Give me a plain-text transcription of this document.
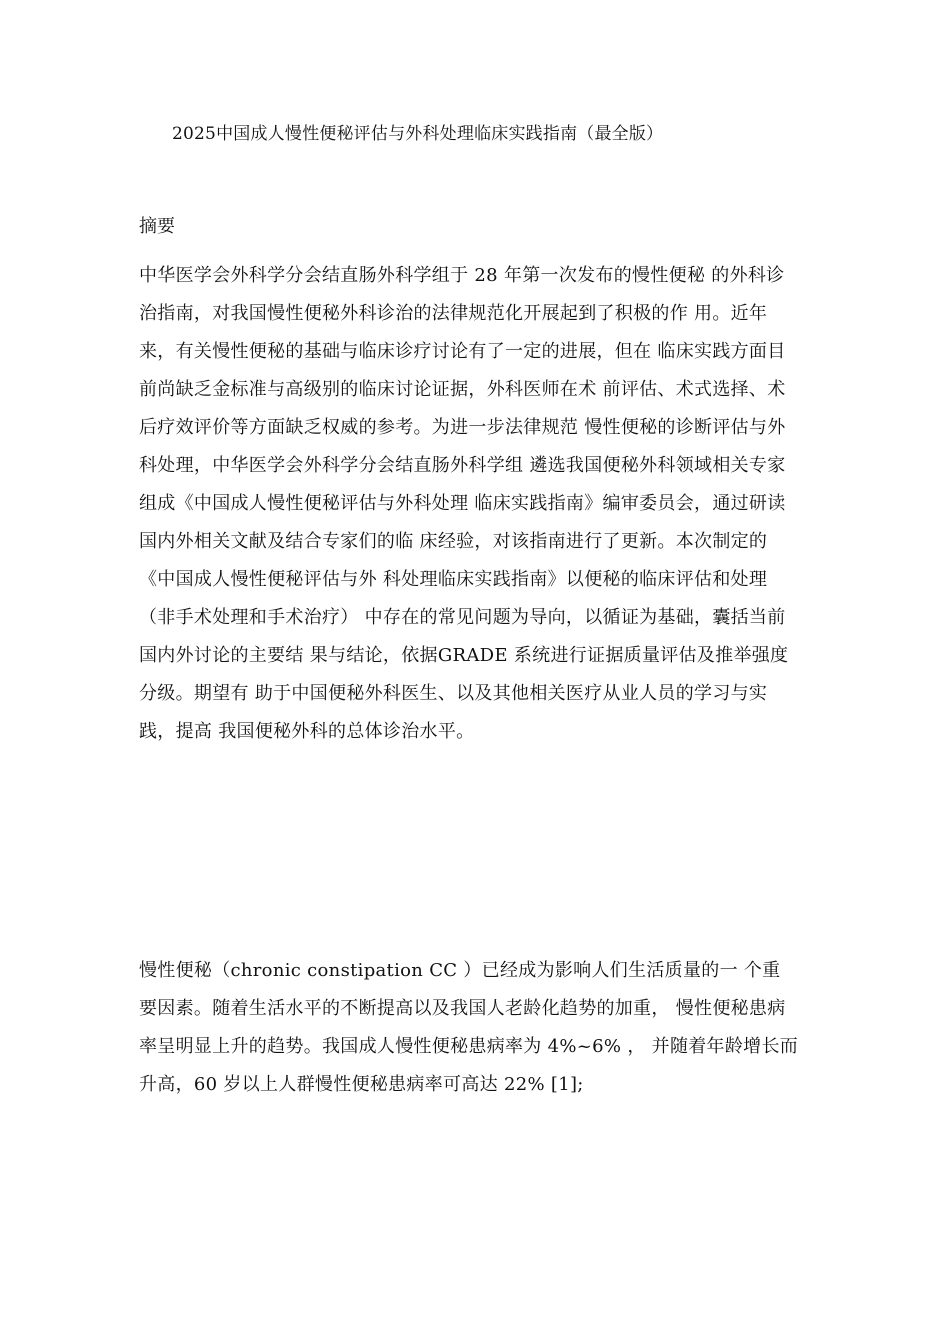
2025中国成人慢性便秘评估与外科处理临床实践指南（最全版）
摘要
中华医学会外科学分会结直肠外科学组于 28 年第一次发布的慢性便秘 的外科诊
治指南，对我国慢性便秘外科诊治的法律规范化开展起到了积极的作 用。近年
来，有关慢性便秘的基础与临床诊疗讨论有了一定的进展，但在 临床实践方面目
前尚缺乏金标准与高级别的临床讨论证据，外科医师在术 前评估、术式选择、术
后疗效评价等方面缺乏权威的参考。为进一步法律规范 慢性便秘的诊断评估与外
科处理，中华医学会外科学分会结直肠外科学组 遴选我国便秘外科领域相关专家
组成《中国成人慢性便秘评估与外科处理 临床实践指南》编审委员会，通过研读
国内外相关文献及结合专家们的临 床经验，对该指南进行了更新。本次制定的
《中国成人慢性便秘评估与外 科处理临床实践指南》以便秘的临床评估和处理
（非手术处理和手术治疗） 中存在的常见问题为导向，以循证为基础，囊括当前
国内外讨论的主要结 果与结论，依据GRADE 系统进行证据质量评估及推举强度
分级。期望有 助于中国便秘外科医生、以及其他相关医疗从业人员的学习与实
践，提高 我国便秘外科的总体诊治水平。
慢性便秘（chronic constipation CC ）已经成为影响人们生活质量的一 个重
要因素。随着生活水平的不断提高以及我国人老龄化趋势的加重， 慢性便秘患病
率呈明显上升的趋势。我国成人慢性便秘患病率为 4%~6% ， 并随着年龄增长而
升高，60 岁以上人群慢性便秘患病率可高达 22% [1];
